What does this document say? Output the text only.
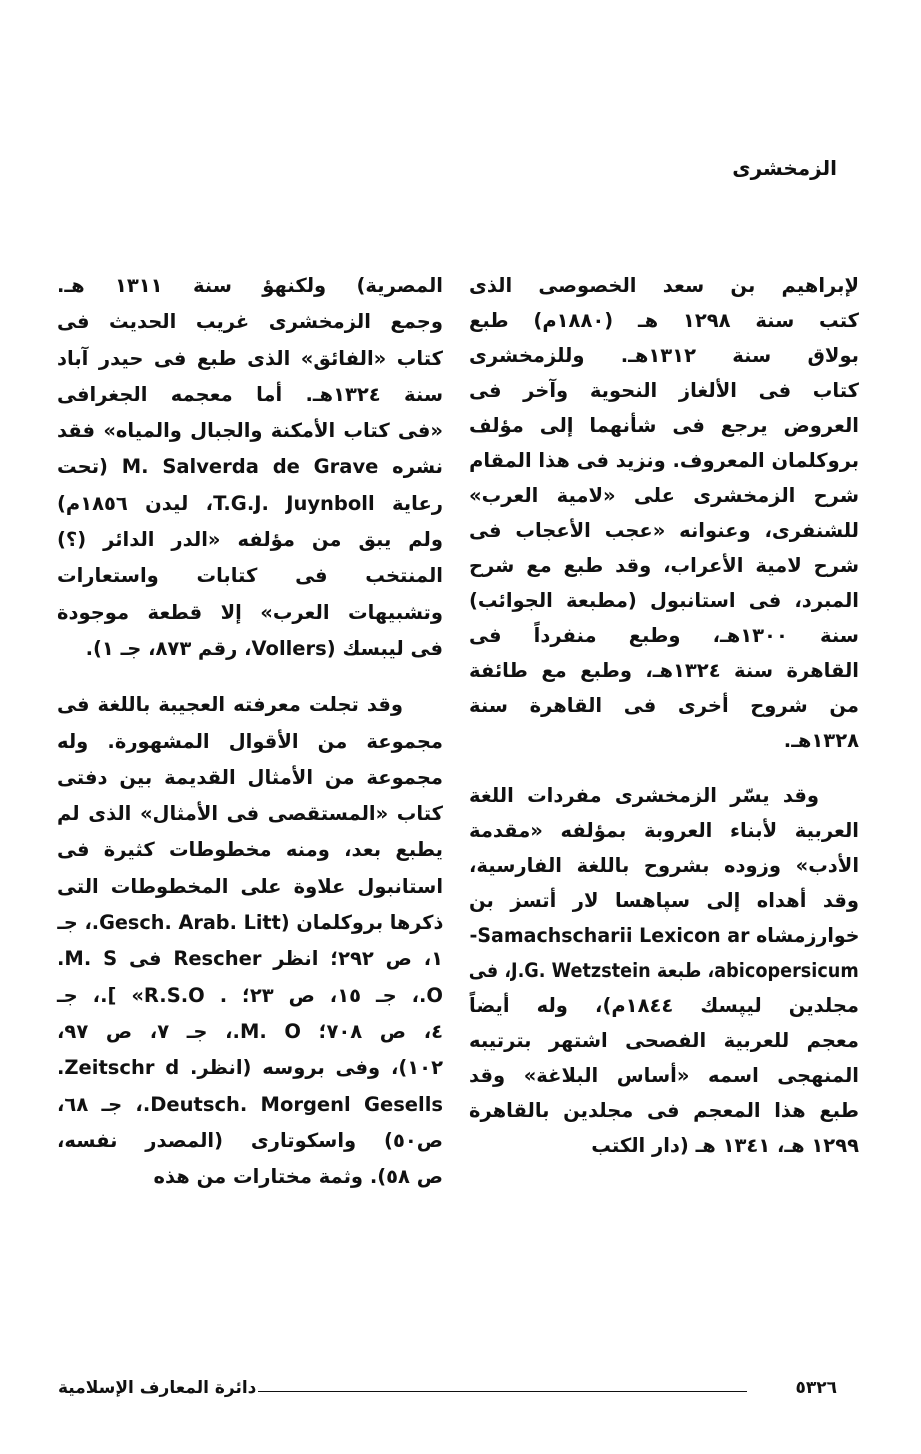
الزمخشرى
لإبراهيم بن سعد الخصوصى الذى
كتب سنة ١٢٩٨ هـ (١٨٨٠م) طبع
بولاق سنة ١٣١٢هـ. وللزمخشرى
كتاب فى الألغاز النحوية وآخر فى
العروض يرجع فى شأنهما إلى مؤلف
بروكلمان المعروف. ونزيد فى هذا المقام
شرح الزمخشرى على «لامية العرب»
للشنفرى، وعنوانه «عجب الأعجاب فى
شرح لامية الأعراب، وقد طبع مع شرح
المبرد، فى استانبول (مطبعة الجوائب)
سنة ١٣٠٠هـ، وطبع منفرداً فى
القاهرة سنة ١٣٢٤هـ، وطبع مع طائفة
من شروح أخرى فى القاهرة سنة
١٣٢٨هـ.
وقد يسّر الزمخشرى مفردات اللغة
العربية لأبناء العروبة بمؤلفه «مقدمة
الأدب» وزوده بشروح باللغة الفارسية،
وقد أهداه إلى سپاهسا لار أتسز بن
خوارزمشاه Samachscharii Lexicon ar-
abicopersicum، طبعة J.G. Wetzstein، فى
مجلدين ليپسك ١٨٤٤م)، وله أيضاً
معجم للعربية الفصحى اشتهر بترتيبه
المنهجى اسمه «أساس البلاغة» وقد
طبع هذا المعجم فى مجلدين بالقاهرة
١٢٩٩ هـ، ١٣٤١ هـ (دار الكتب
المصرية) ولكنهؤ سنة ١٣١١ هـ.
وجمع الزمخشرى غريب الحديث فى
كتاب «الفائق» الذى طبع فى حيدر آباد
سنة ١٣٢٤هـ. أما معجمه الجغرافى
«فى كتاب الأمكنة والجبال والمياه» فقد
نشره M. Salverda de Grave (تحت
رعاية T.G.J. Juynboll، ليدن ١٨٥٦م)
ولم يبق من مؤلفه «الدر الدائر (؟)
المنتخب فى كتابات واستعارات
وتشبيهات العرب» إلا قطعة موجودة
فى ليبسك (Vollers، رقم ٨٧٣، جـ ١).
وقد تجلت معرفته العجيبة باللغة فى
مجموعة من الأقوال المشهورة. وله
مجموعة من الأمثال القديمة بين دفتى
كتاب «المستقصى فى الأمثال» الذى لم
يطبع بعد، ومنه مخطوطات كثيرة فى
استانبول علاوة على المخطوطات التى
ذكرها بروكلمان (Gesch. Arab. Litt.، جـ
١، ص ٢٩٢؛ انظر Rescher فى M. S.
O.، جـ ١٥، ص ٢٣؛ . R.S.O» ].، جـ
٤، ص ٧٠٨؛ M. O.، جـ ٧، ص ٩٧،
١٠٢)، وفى بروسه (انظر. Zeitschr d.
Deutsch. Morgenl Gesells.، جـ ٦٨،
ص٥٠) واسكوتارى (المصدر نفسه،
ص ٥٨). وثمة مختارات من هذه
دائرة المعارف الإسلامية	٥٣٢٦
